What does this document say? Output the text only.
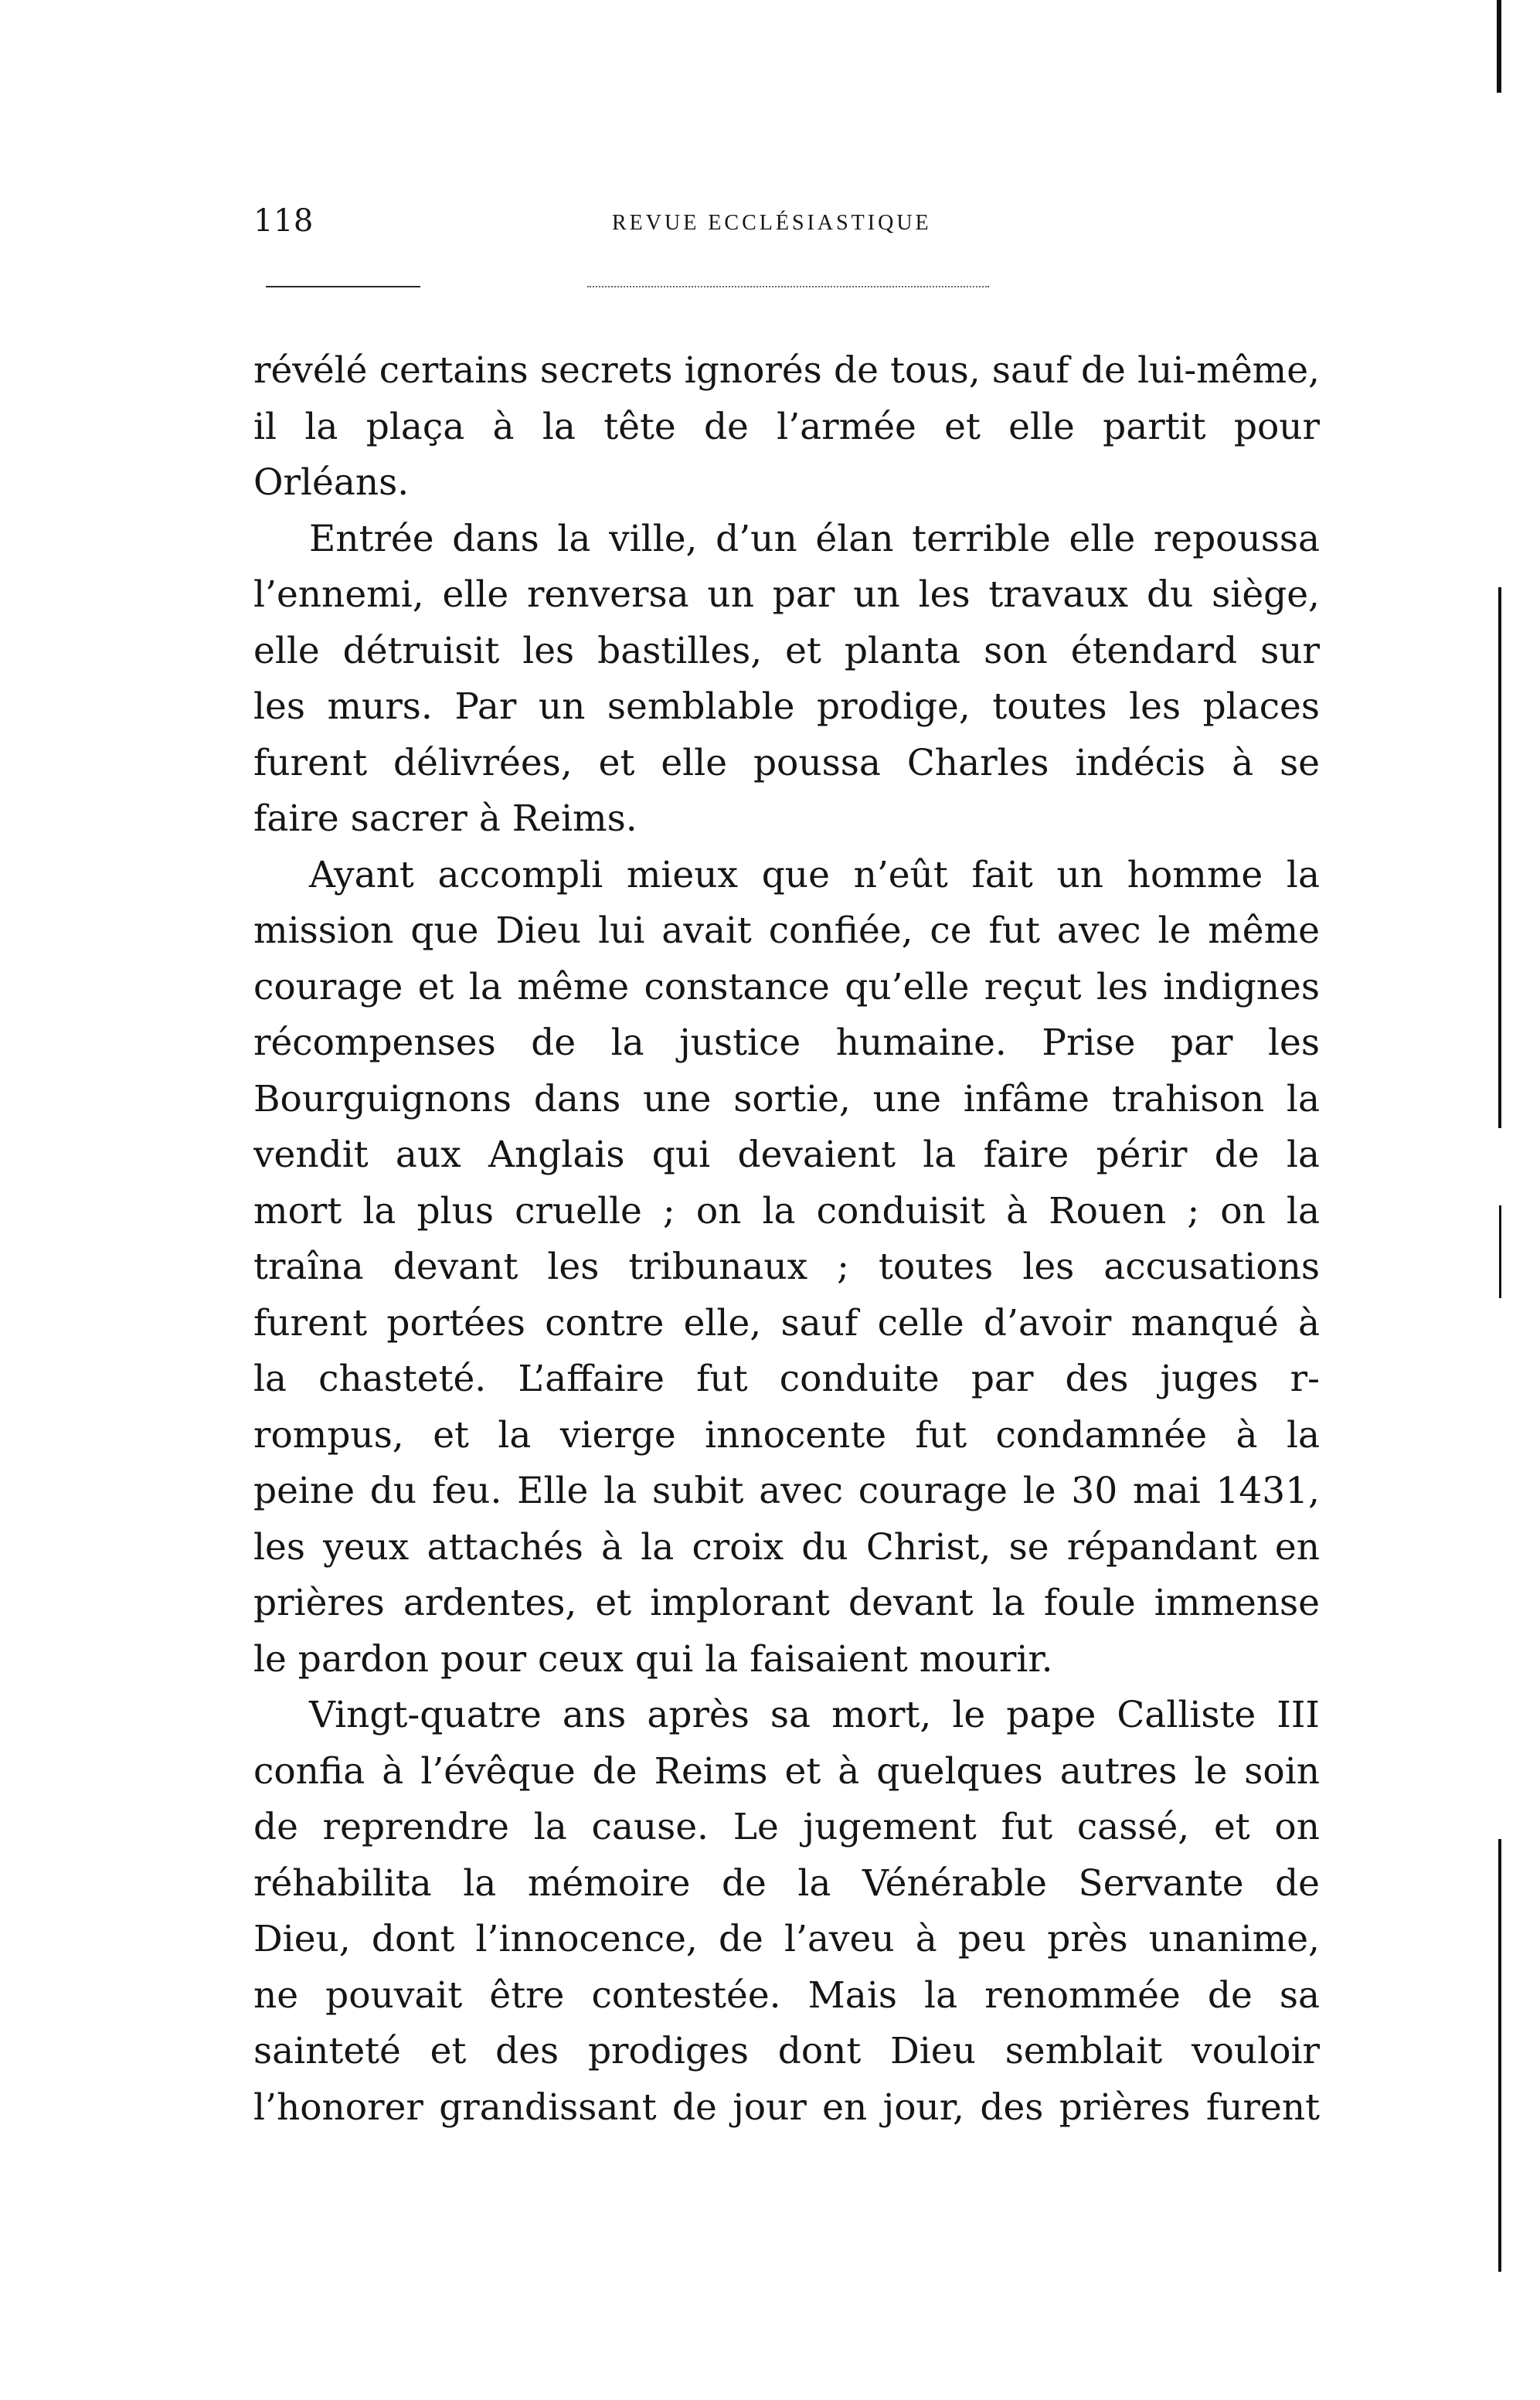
118	REVUE ECCLÉSIASTIQUE
révélé certains secrets ignorés de tous, sauf de lui-même,
il la plaça à la tête de l’armée et elle partit pour
Orléans.
Entrée dans la ville, d’un élan terrible elle repoussa
l’ennemi, elle renversa un par un les travaux du siège,
elle détruisit les bastilles, et planta son étendard sur
les murs. Par un semblable prodige, toutes les places
furent délivrées, et elle poussa Charles indécis à se
faire sacrer à Reims.
Ayant accompli mieux que n’eût fait un homme la
mission que Dieu lui avait confiée, ce fut avec le même
courage et la même constance qu’elle reçut les indignes
récompenses de la justice humaine. Prise par les
Bourguignons dans une sortie, une infâme trahison la
vendit aux Anglais qui devaient la faire périr de la
mort la plus cruelle ; on la conduisit à Rouen ; on la
traîna devant les tribunaux ; toutes les accusations
furent portées contre elle, sauf celle d’avoir manqué à
la chasteté. L’affaire fut conduite par des juges r-
rompus, et la vierge innocente fut condamnée à la
peine du feu. Elle la subit avec courage le 30 mai 1431,
les yeux attachés à la croix du Christ, se répandant en
prières ardentes, et implorant devant la foule immense
le pardon pour ceux qui la faisaient mourir.
Vingt-quatre ans après sa mort, le pape Calliste III
confia à l’évêque de Reims et à quelques autres le soin
de reprendre la cause. Le jugement fut cassé, et on
réhabilita la mémoire de la Vénérable Servante de
Dieu, dont l’innocence, de l’aveu à peu près unanime,
ne pouvait être contestée. Mais la renommée de sa
sainteté et des prodiges dont Dieu semblait vouloir
l’honorer grandissant de jour en jour, des prières furent
